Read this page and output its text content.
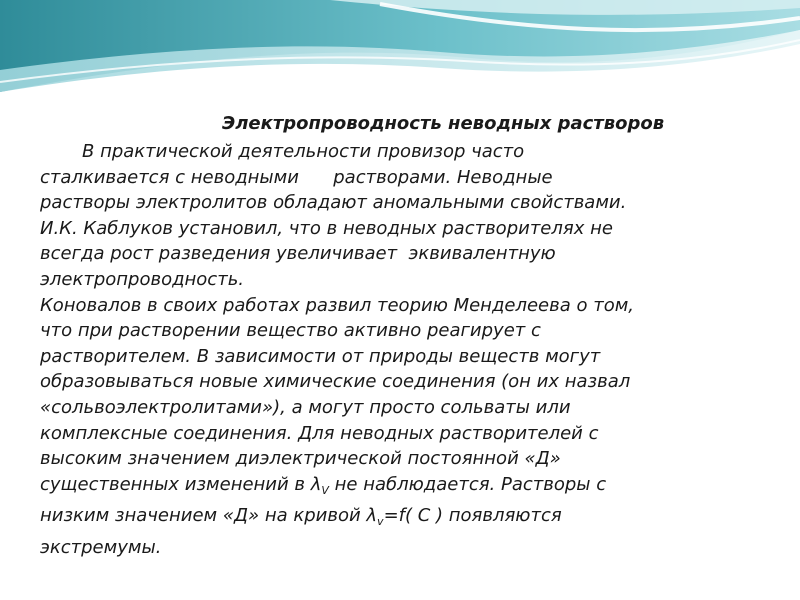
Электропроводность неводных растворов
В практической деятельности провизор часто
сталкивается с неводными      растворами. Неводные
растворы электролитов обладают аномальными свойствами.
И.К. Каблуков установил, что в неводных растворителях не
всегда рост разведения увеличивает  эквивалентную
электропроводность.
Коновалов в своих работах развил теорию Менделеева о том,
что при растворении вещество активно реагирует с
растворителем. В зависимости от природы веществ могут
образовываться новые химические соединения (он их назвал
«сольвоэлектролитами»), а могут просто сольваты или
комплексные соединения. Для неводных растворителей с
высоким значением диэлектрической постоянной «Д»
существенных изменений в $\lambda_V$ не наблюдается. Растворы с
низким значением «Д» на кривой $\lambda_v=f$( C ) появляются
экстремумы.
